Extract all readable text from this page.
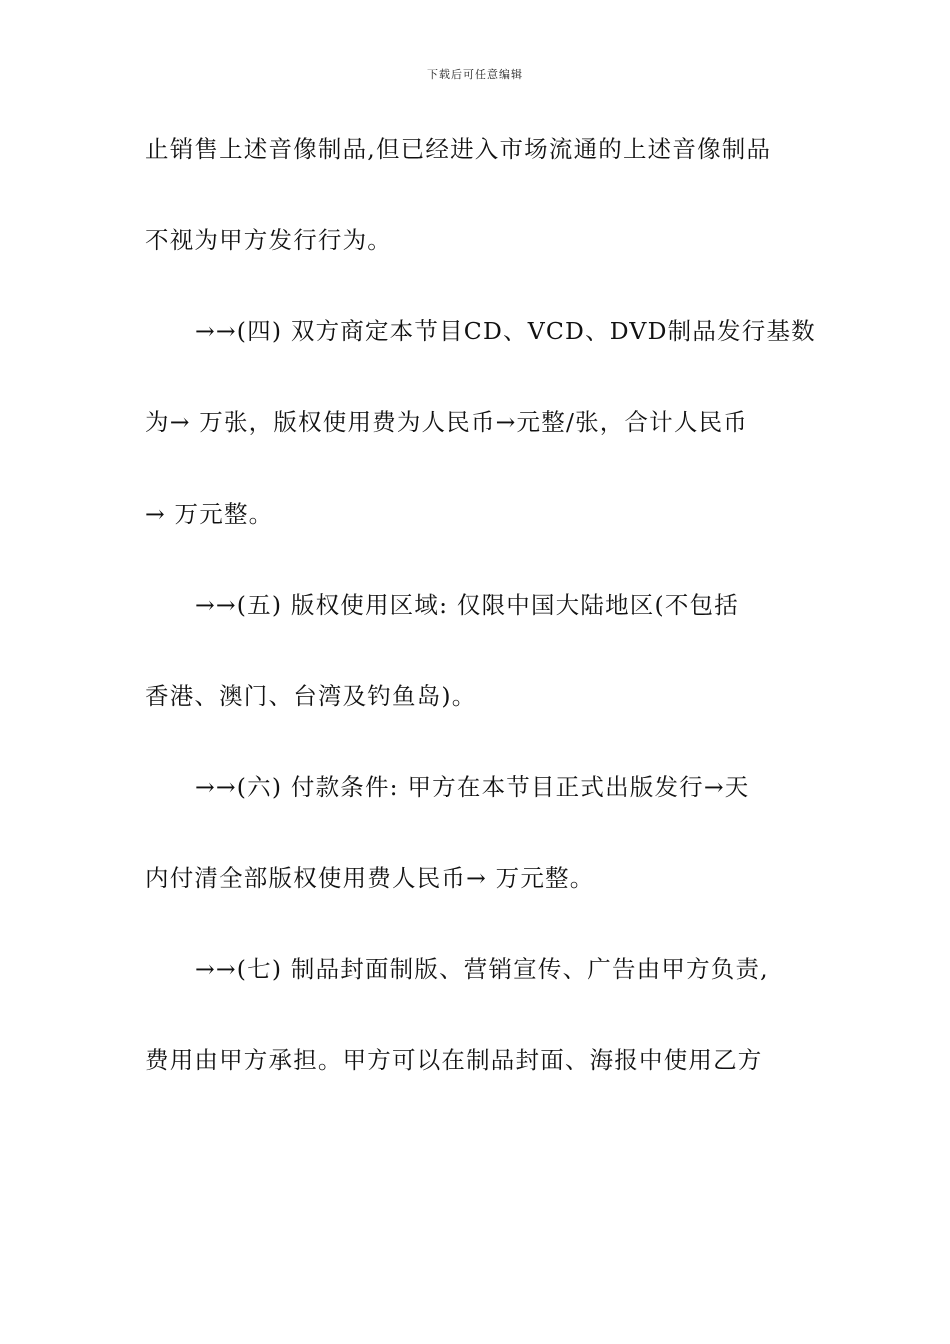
下载后可任意编辑
止销售上述音像制品,但已经进入市场流通的上述音像制品
不视为甲方发行行为。
→→(四) 双方商定本节目CD、VCD、DVD制品发行基数
为→ 万张，版权使用费为人民币→元整/张，合计人民币
→ 万元整。
→→(五) 版权使用区域: 仅限中国大陆地区(不包括
香港、澳门、台湾及钓鱼岛)。
→→(六) 付款条件: 甲方在本节目正式出版发行→天
内付清全部版权使用费人民币→ 万元整。
→→(七) 制品封面制版、营销宣传、广告由甲方负责,
费用由甲方承担。甲方可以在制品封面、海报中使用乙方
